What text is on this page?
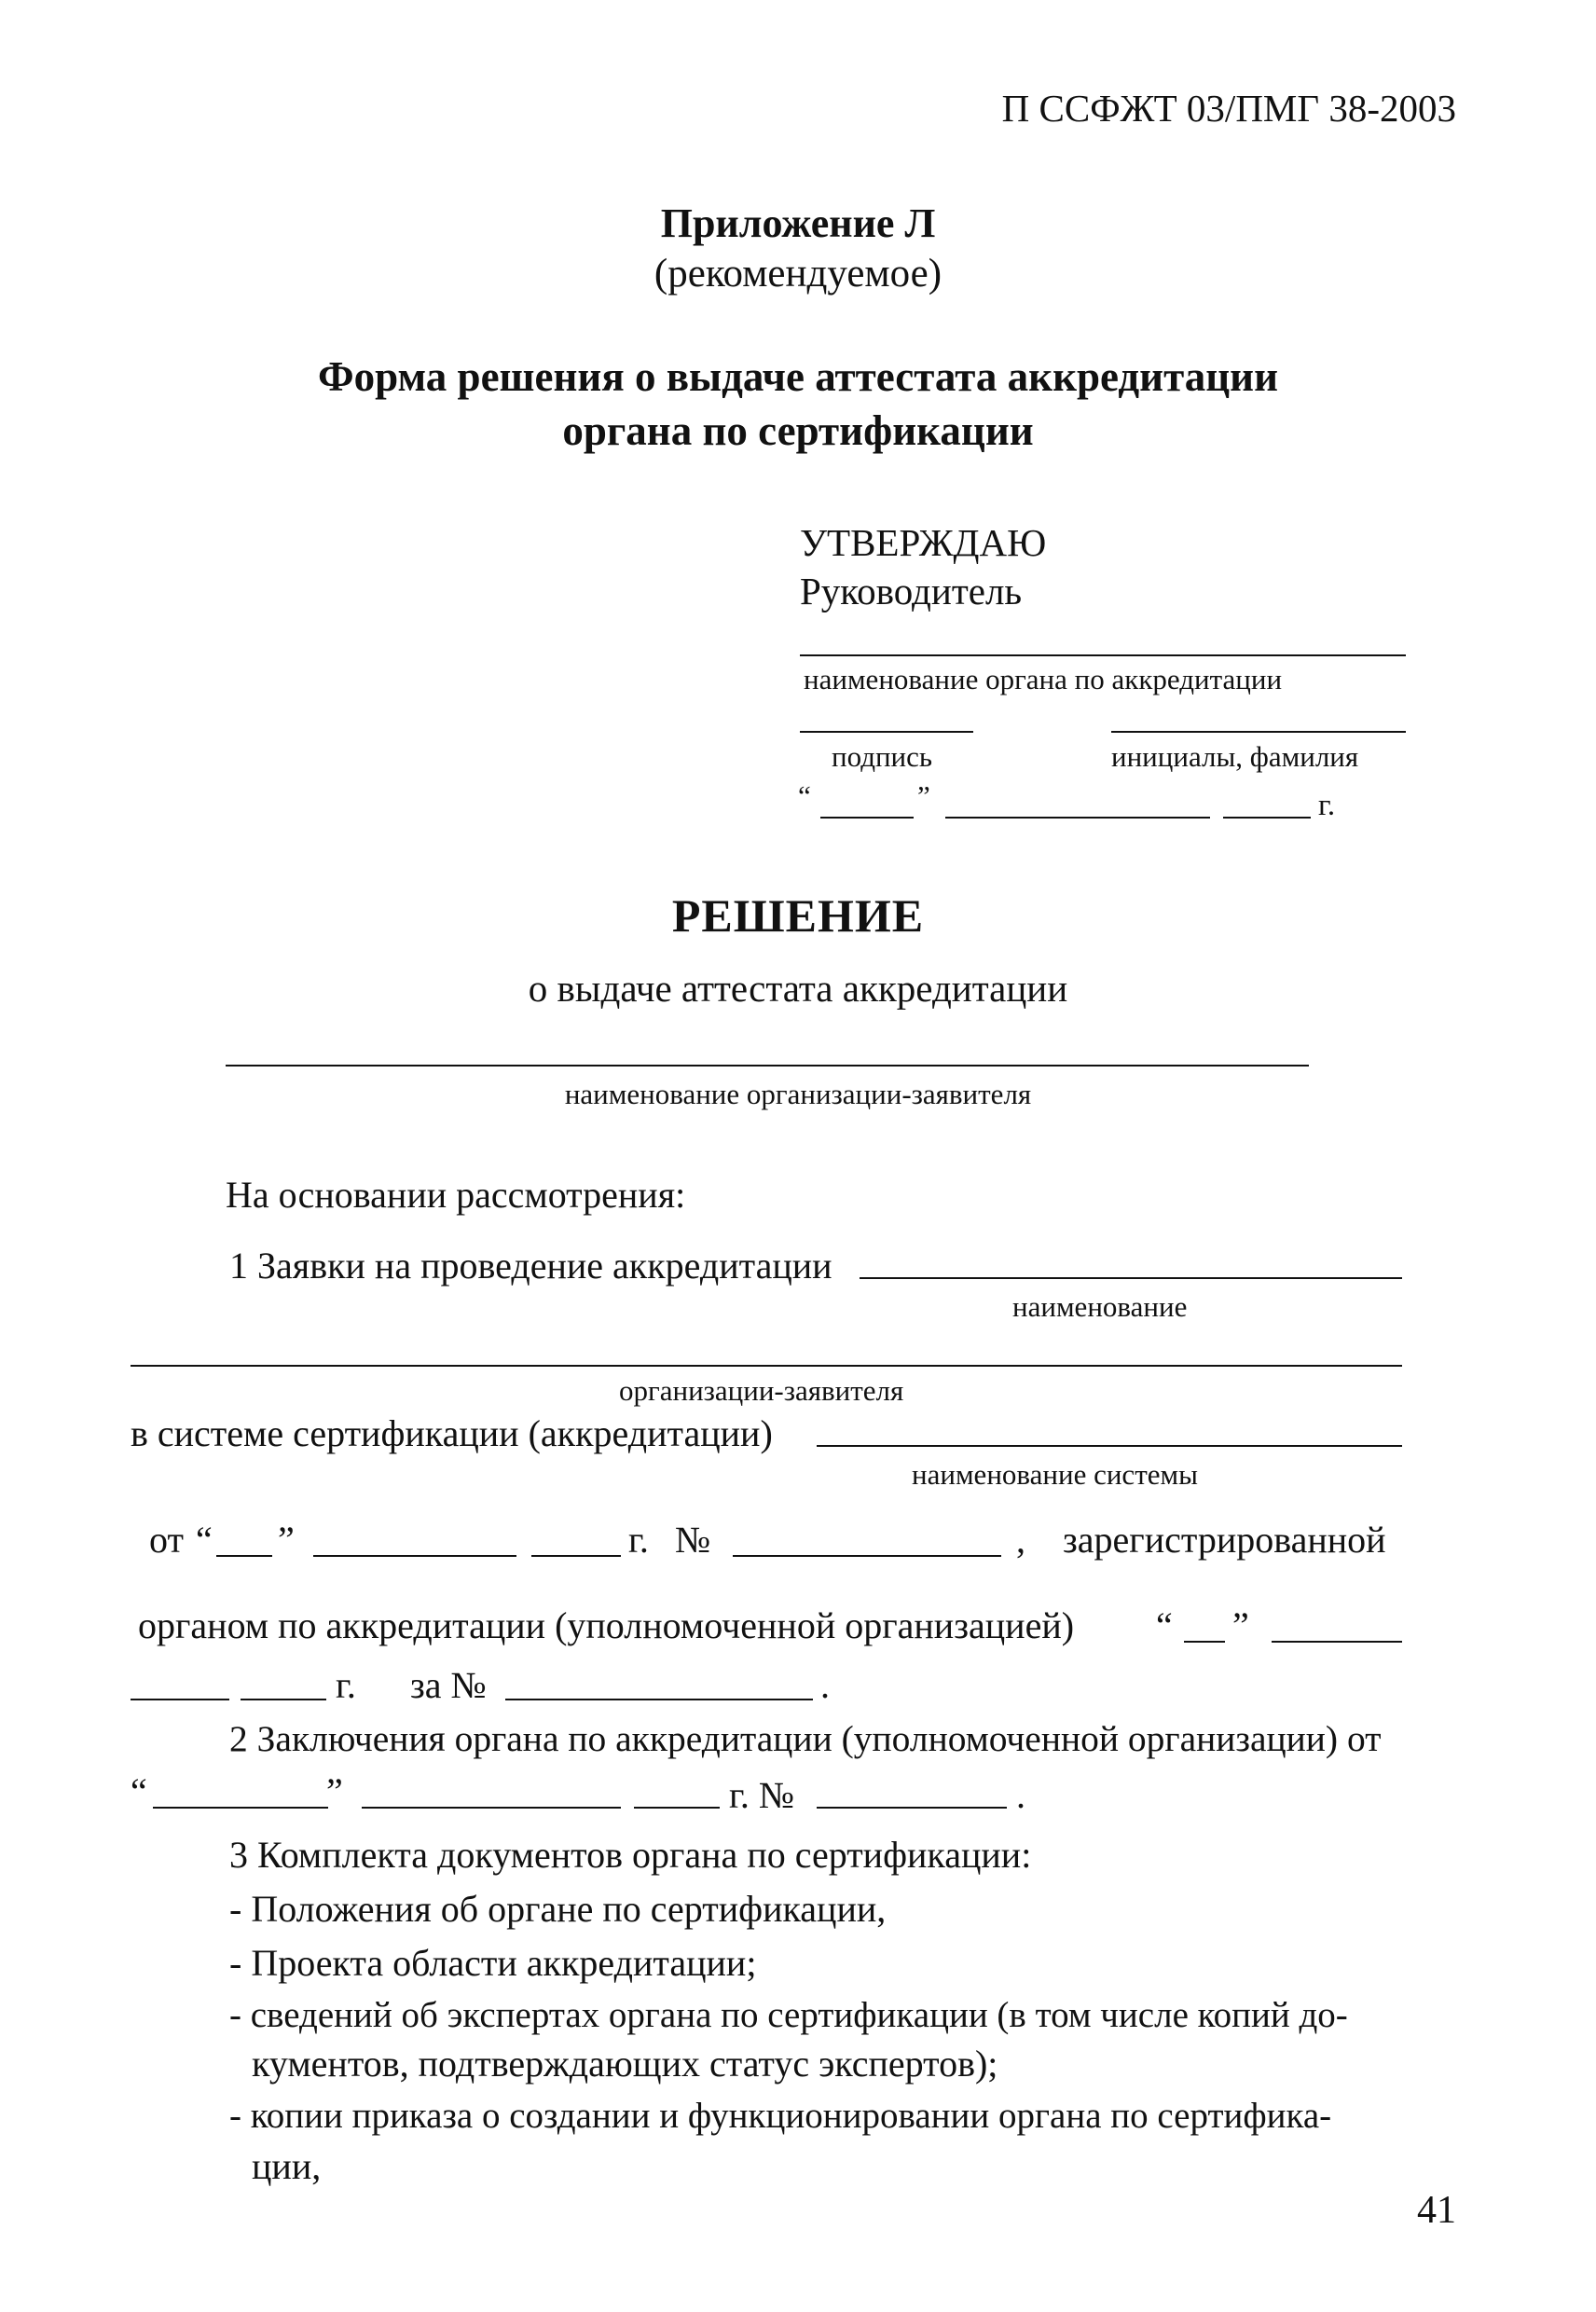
П ССФЖТ 03/ПМГ 38-2003
Приложение Л
(рекомендуемое)
Форма решения о выдаче аттестата аккредитации
органа по сертификации
УТВЕРЖДАЮ
Руководитель
наименование органа по аккредитации
подпись	инициалы, фамилия
“	”	г.
РЕШЕНИЕ
о выдаче аттестата аккредитации
наименование организации-заявителя
На основании рассмотрения:
1 Заявки на проведение аккредитации
наименование
организации-заявителя
в системе сертификации (аккредитации)
наименование системы
от “ ”	г. №	, зарегистрированной
органом по аккредитации (уполномоченной организацией) “ ”
г. за №	.
2 Заключения органа по аккредитации (уполномоченной организации) от
“	”	г. №	.
3 Комплекта документов органа по сертификации:
- Положения об органе по сертификации,
- Проекта области аккредитации;
- сведений об экспертах органа по сертификации (в том числе копий до-
кументов, подтверждающих статус экспертов);
- копии приказа о создании и функционировании органа по сертифика-
ции,
41
